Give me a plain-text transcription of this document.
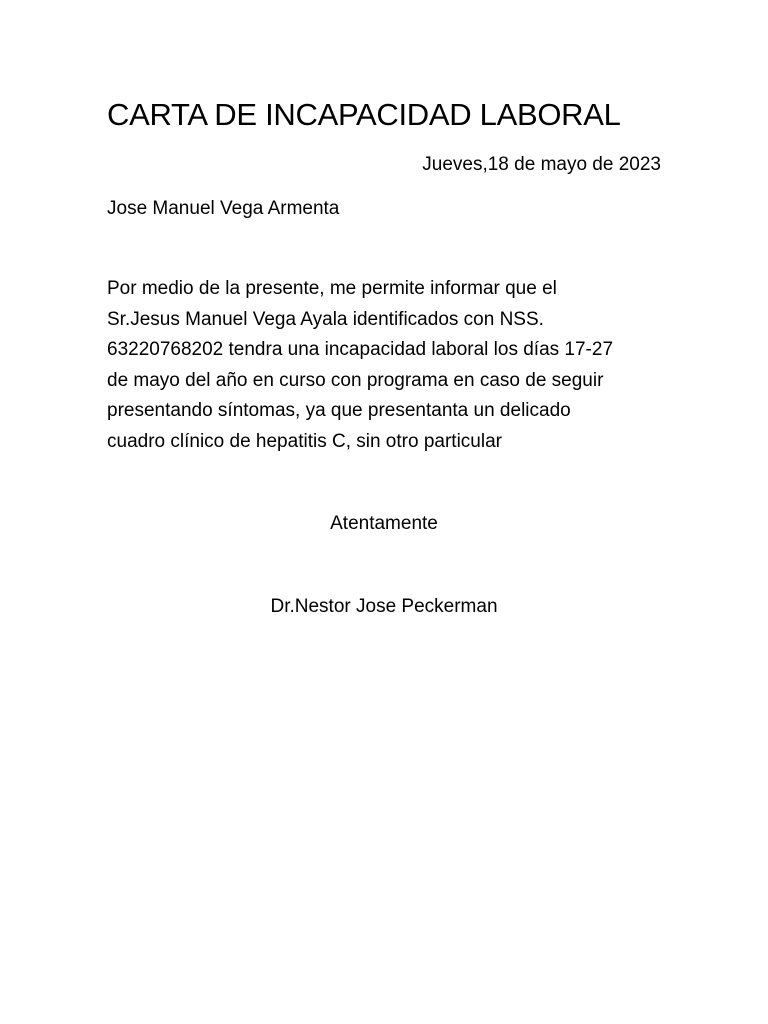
CARTA DE INCAPACIDAD LABORAL
Jueves,18 de mayo de 2023
Jose Manuel Vega Armenta
Por medio de la presente, me permite informar que el
Sr.Jesus Manuel Vega Ayala identificados con NSS.
63220768202 tendra una incapacidad laboral los días 17-27
de mayo del año en curso con programa en caso de seguir
presentando síntomas, ya que presentanta un delicado
cuadro clínico de hepatitis C, sin otro particular
Atentamente
Dr.Nestor Jose Peckerman
